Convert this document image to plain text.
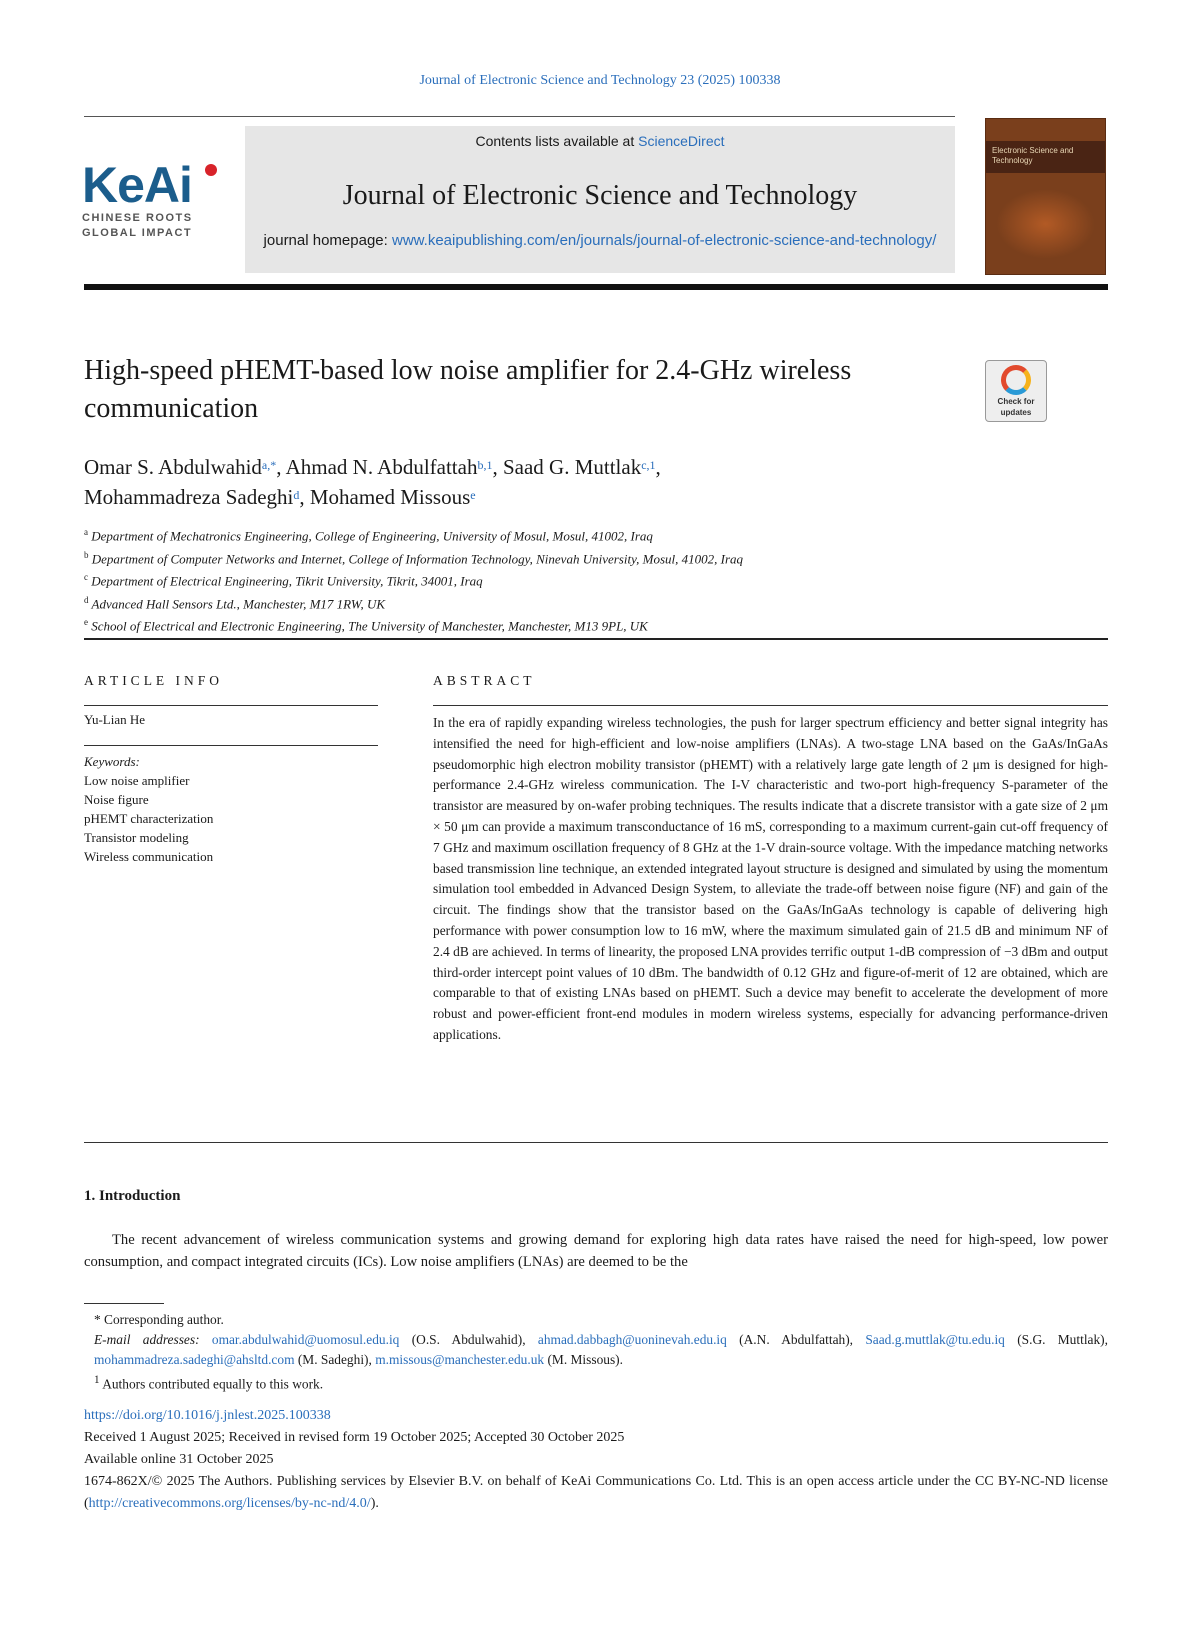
Journal of Electronic Science and Technology 23 (2025) 100338
KeAi
CHINESE ROOTS
GLOBAL IMPACT
Contents lists available at ScienceDirect
Journal of Electronic Science and Technology
journal homepage: www.keaipublishing.com/en/journals/journal-of-electronic-science-and-technology/
Electronic Science and Technology
High-speed pHEMT-based low noise amplifier for 2.4-GHz wireless communication	Check for
updates
Omar S. Abdulwahid$^{a,*}$, Ahmad N. Abdulfattah$^{b,1}$, Saad G. Muttlak$^{c,1}$,
Mohammadreza Sadeghi$^d$, Mohamed Missous$^e$
$^a$ Department of Mechatronics Engineering, College of Engineering, University of Mosul, Mosul, 41002, Iraq
$^b$ Department of Computer Networks and Internet, College of Information Technology, Ninevah University, Mosul, 41002, Iraq
$^c$ Department of Electrical Engineering, Tikrit University, Tikrit, 34001, Iraq
$^d$ Advanced Hall Sensors Ltd., Manchester, M17 1RW, UK
$^e$ School of Electrical and Electronic Engineering, The University of Manchester, Manchester, M13 9PL, UK
ARTICLE INFO
Yu-Lian He
Keywords:
Low noise amplifier
Noise figure
pHEMT characterization
Transistor modeling
Wireless communication
ABSTRACT
In the era of rapidly expanding wireless technologies, the push for larger spectrum efficiency and better signal integrity has intensified the need for high-efficient and low-noise amplifiers (LNAs). A two-stage LNA based on the GaAs/InGaAs pseudomorphic high electron mobility transistor (pHEMT) with a relatively large gate length of 2 μm is designed for high-performance 2.4-GHz wireless communication. The I-V characteristic and two-port high-frequency S-parameter of the transistor are measured by on-wafer probing techniques. The results indicate that a discrete transistor with a gate size of 2 μm × 50 μm can provide a maximum transconductance of 16 mS, corresponding to a maximum current-gain cut-off frequency of 7 GHz and maximum oscillation frequency of 8 GHz at the 1-V drain-source voltage. With the impedance matching networks based transmission line technique, an extended integrated layout structure is designed and simulated by using the momentum simulation tool embedded in Advanced Design System, to alleviate the trade-off between noise figure (NF) and gain of the circuit. The findings show that the transistor based on the GaAs/InGaAs technology is capable of delivering high performance with power consumption low to 16 mW, where the maximum simulated gain of 21.5 dB and minimum NF of 2.4 dB are achieved. In terms of linearity, the proposed LNA provides terrific output 1-dB compression of −3 dBm and output third-order intercept point values of 10 dBm. The bandwidth of 0.12 GHz and figure-of-merit of 12 are obtained, which are comparable to that of existing LNAs based on pHEMT. Such a device may benefit to accelerate the development of more robust and power-efficient front-end modules in modern wireless systems, especially for advancing performance-driven applications.
1. Introduction
The recent advancement of wireless communication systems and growing demand for exploring high data rates have raised the need for high-speed, low power consumption, and compact integrated circuits (ICs). Low noise amplifiers (LNAs) are deemed to be the
* Corresponding author.
E-mail addresses: omar.abdulwahid@uomosul.edu.iq (O.S. Abdulwahid), ahmad.dabbagh@uoninevah.edu.iq (A.N. Abdulfattah), Saad.g.muttlak@tu.edu.iq (S.G. Muttlak), mohammadreza.sadeghi@ahsltd.com (M. Sadeghi), m.missous@manchester.edu.uk (M. Missous).
$^1$ Authors contributed equally to this work.
https://doi.org/10.1016/j.jnlest.2025.100338
Received 1 August 2025; Received in revised form 19 October 2025; Accepted 30 October 2025
Available online 31 October 2025
1674-862X/© 2025 The Authors. Publishing services by Elsevier B.V. on behalf of KeAi Communications Co. Ltd. This is an open access article under the CC BY-NC-ND license (http://creativecommons.org/licenses/by-nc-nd/4.0/).
